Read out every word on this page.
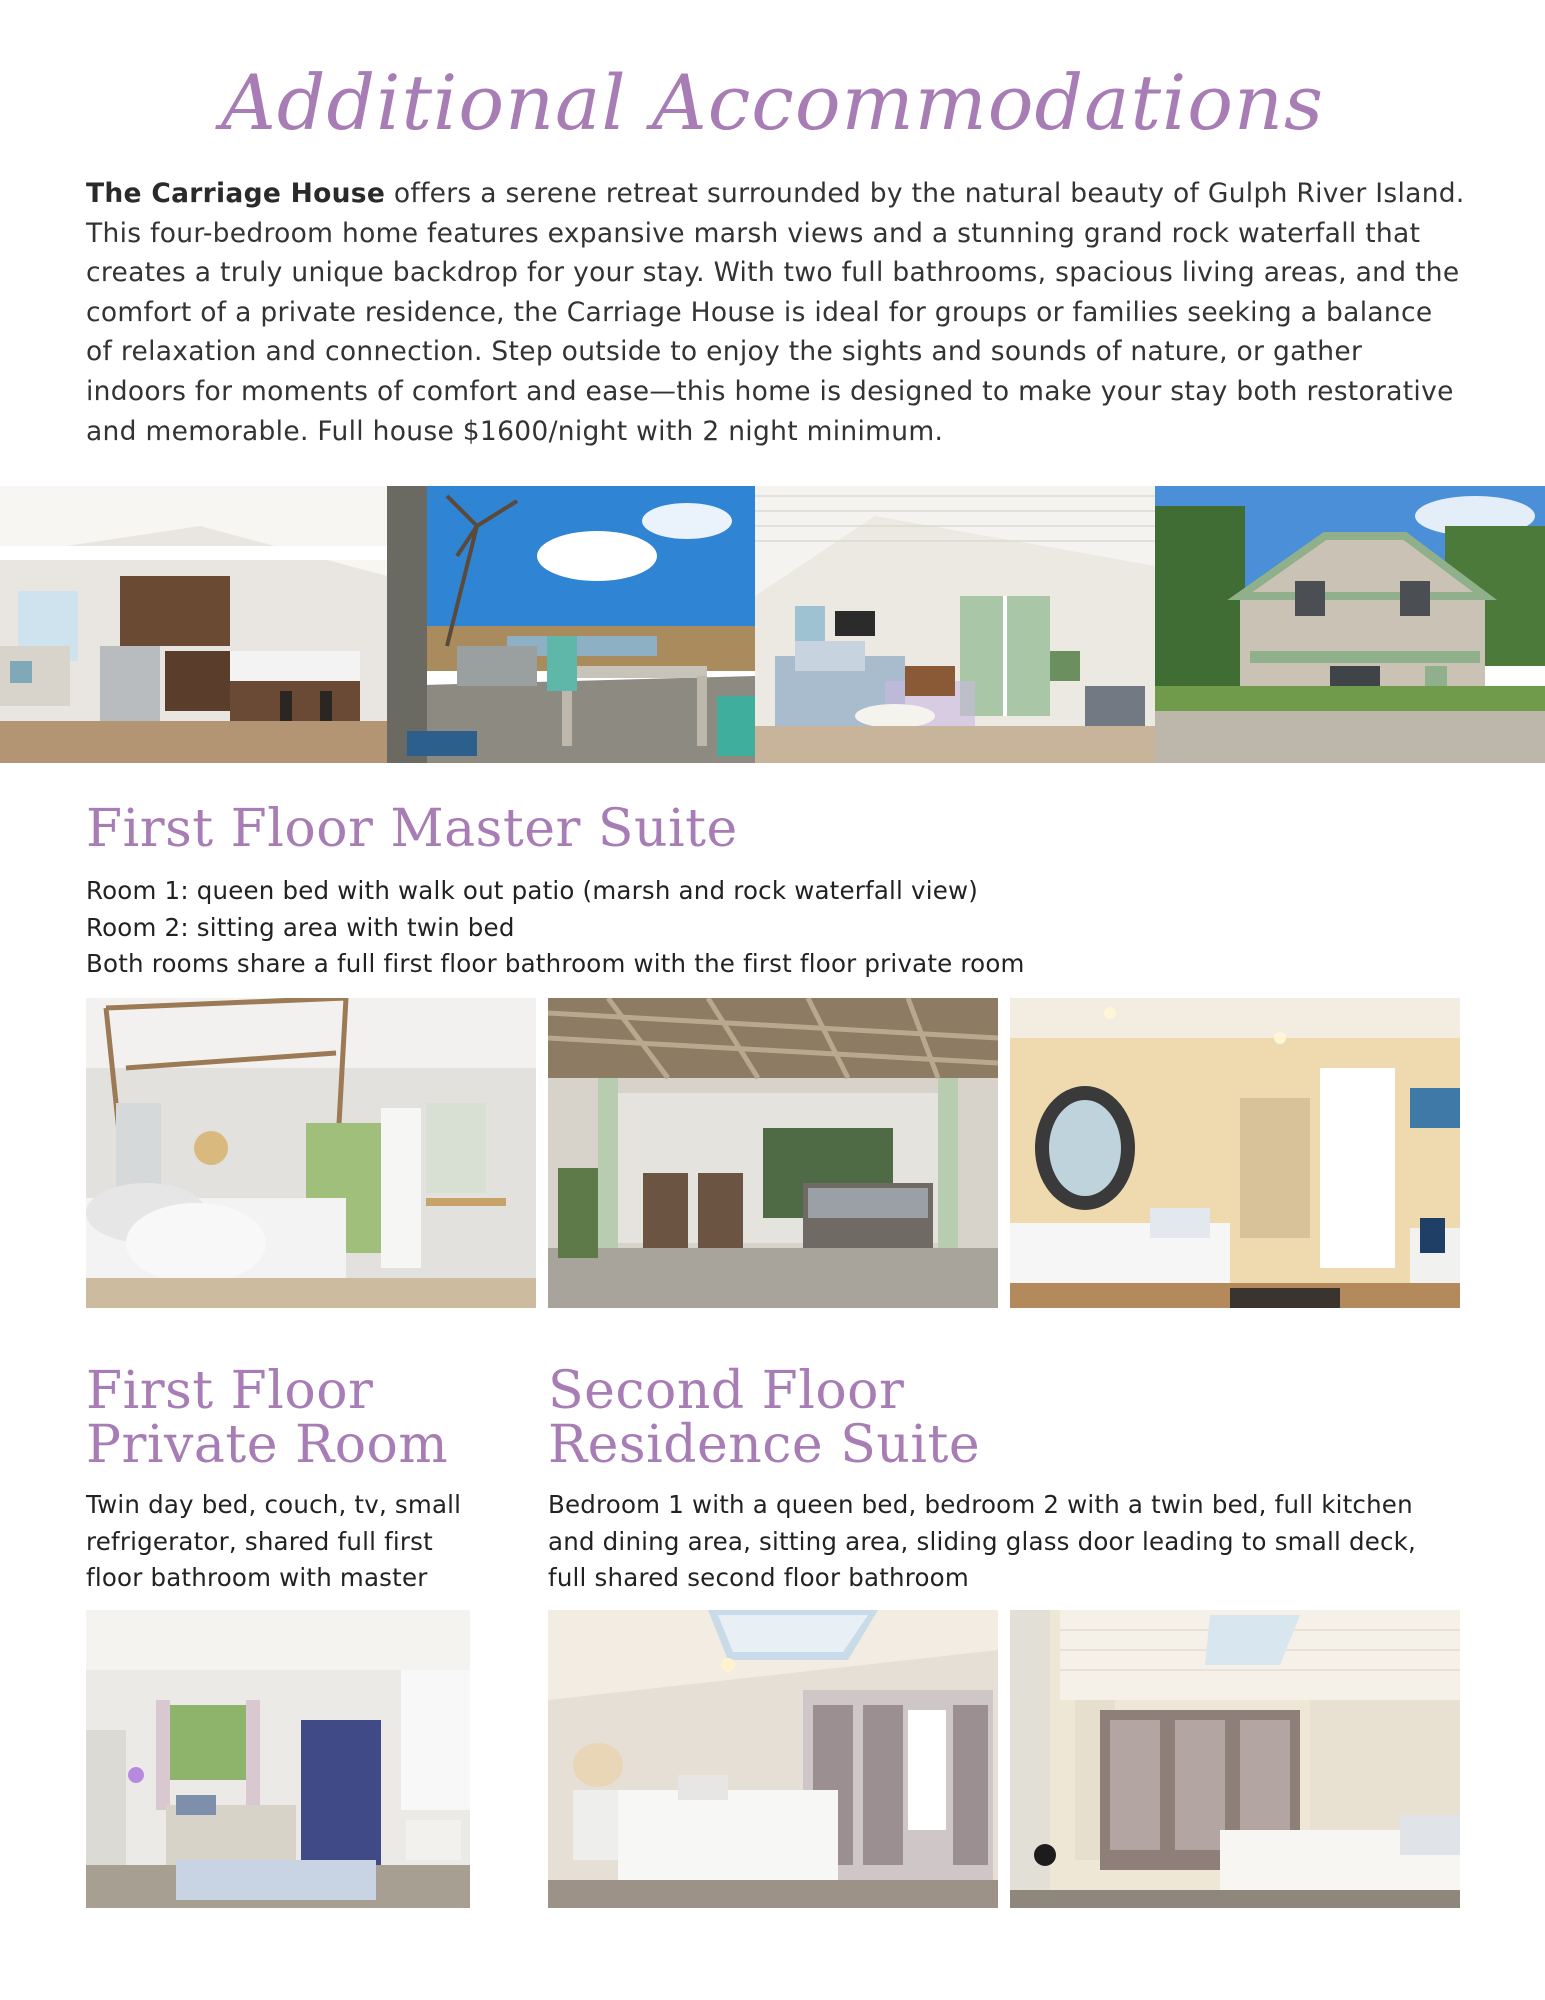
Additional Accommodations
The Carriage House offers a serene retreat surrounded by the natural beauty of Gulph River Island. This four-bedroom home features expansive marsh views and a stunning grand rock waterfall that creates a truly unique backdrop for your stay. With two full bathrooms, spacious living areas, and the comfort of a private residence, the Carriage House is ideal for groups or families seeking a balance of relaxation and connection. Step outside to enjoy the sights and sounds of nature, or gather indoors for moments of comfort and ease—this home is designed to make your stay both restorative and memorable. Full house $1600/night with 2 night minimum.
First Floor Master Suite
Room 1: queen bed with walk out patio (marsh and rock waterfall view)
Room 2: sitting area with twin bed
Both rooms share a full first floor bathroom with the first floor private room
First Floor
Private Room
Twin day bed, couch, tv, small
refrigerator, shared full first
floor bathroom with master
Second Floor
Residence Suite
Bedroom 1 with a queen bed, bedroom 2 with a twin bed, full kitchen
and dining area, sitting area, sliding glass door leading to small deck,
full shared second floor bathroom
